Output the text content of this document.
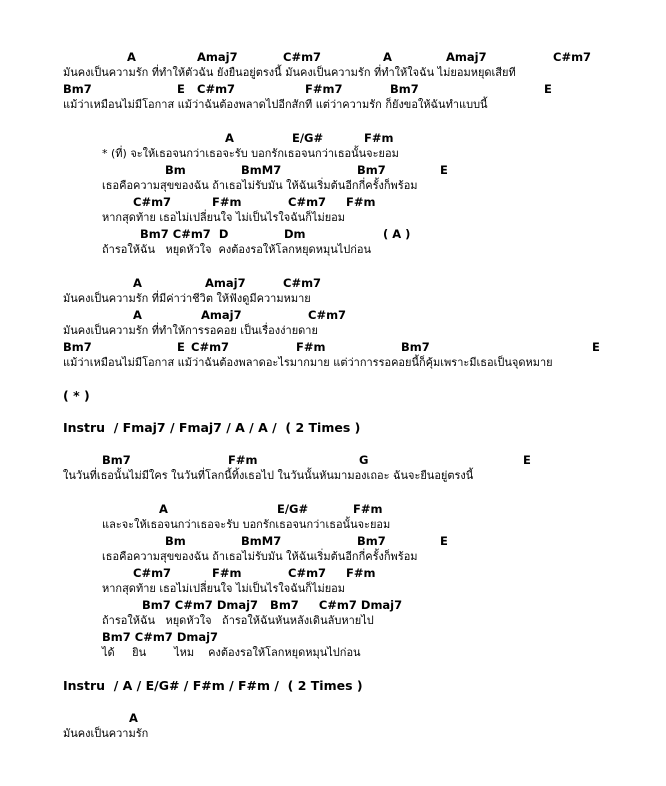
A	Amaj7	C#m7	A	Amaj7	C#m7
มันคงเป็นความรัก ที่ทำให้ตัวฉัน ยังยืนอยู่ตรงนี้ มันคงเป็นความรัก ที่ทำให้ใจฉัน ไม่ยอมหยุดเสียที
Bm7	E C#m7	F#m7	Bm7	E
แม้ว่าเหมือนไม่มีโอกาส แม้ว่าฉันต้องพลาดไปอีกสักที แต่ว่าความรัก ก็ยังขอให้ฉันทำแบบนี้
A	E/G#	F#m
* (ที่) จะให้เธอจนกว่าเธอจะรับ บอกรักเธอจนกว่าเธอนั้นจะยอม
Bm	BmM7	Bm7	E
เธอคือความสุขของฉัน ถ้าเธอไม่รับมัน ให้ฉันเริ่มต้นอีกกี่ครั้งก็พร้อม
C#m7	F#m	C#m7 F#m
หากสุดท้าย เธอไม่เปลี่ยนใจ ไม่เป็นไรใจฉันก็ไม่ยอม
Bm7 C#m7  D	Dm	( A )
ถ้ารอให้ฉัน   หยุดหัวใจ  คงต้องรอให้โลกหยุดหมุนไปก่อน
A	Amaj7	C#m7
มันคงเป็นความรัก ที่มีค่าว่าชีวิต ให้ฟังดูมีความหมาย
A	Amaj7	C#m7
มันคงเป็นความรัก ที่ทำให้การรอคอย เป็นเรื่องง่ายดาย
Bm7	E C#m7	F#m	Bm7	E
แม้ว่าเหมือนไม่มีโอกาส แม้ว่าฉันต้องพลาดอะไรมากมาย แต่ว่าการรอคอยนี้ก็คุ้มเพราะมีเธอเป็นจุดหมาย
( * )
Instru  / Fmaj7 / Fmaj7 / A / A /  ( 2 Times )
Bm7	F#m	G	E
ในวันที่เธอนั้นไม่มีใคร ในวันที่โลกนี้ทิ้งเธอไป ในวันนั้นหันมามองเถอะ ฉันจะยืนอยู่ตรงนี้
A	E/G#	F#m
และจะให้เธอจนกว่าเธอจะรับ บอกรักเธอจนกว่าเธอนั้นจะยอม
Bm	BmM7	Bm7	E
เธอคือความสุขของฉัน ถ้าเธอไม่รับมัน ให้ฉันเริ่มต้นอีกกี่ครั้งก็พร้อม
C#m7	F#m	C#m7 F#m
หากสุดท้าย เธอไม่เปลี่ยนใจ ไม่เป็นไรใจฉันก็ไม่ยอม
Bm7 C#m7 Dmaj7   Bm7     C#m7 Dmaj7
ถ้ารอให้ฉัน   หยุดหัวใจ   ถ้ารอให้ฉันหันหลังเดินลับหายไป
Bm7 C#m7 Dmaj7
ได้     ยิน        ไหม    คงต้องรอให้โลกหยุดหมุนไปก่อน
Instru  / A / E/G# / F#m / F#m /  ( 2 Times )
A
มันคงเป็นความรัก
